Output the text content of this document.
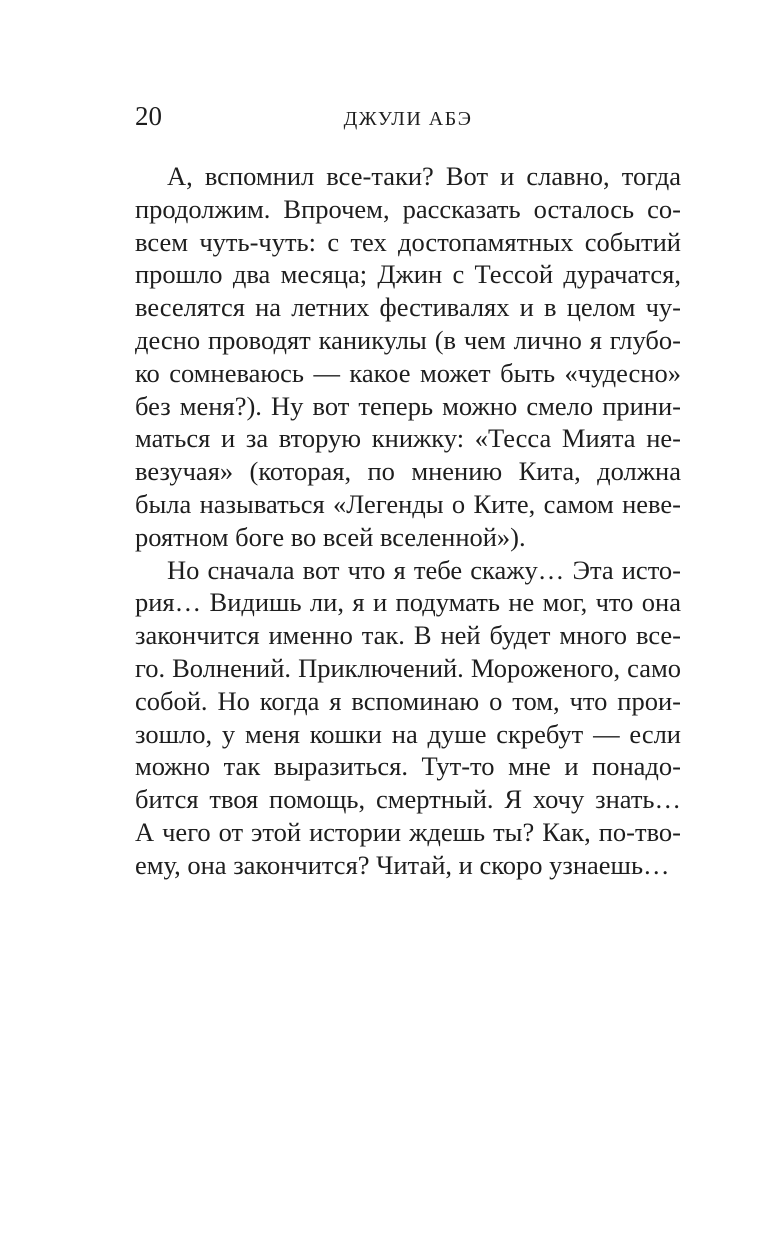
20	ДЖУЛИ АБЭ
А, вспомнил все-таки? Вот и славно, тогда
продолжим. Впрочем, рассказать осталось со-
всем чуть-чуть: с тех достопамятных событий
прошло два месяца; Джин с Тессой дурачатся,
веселятся на летних фестивалях и в целом чу-
десно проводят каникулы (в чем лично я глубо-
ко сомневаюсь — какое может быть «чудесно»
без меня?). Ну вот теперь можно смело прини-
маться и за вторую книжку: «Тесса Мията не-
везучая» (которая, по мнению Кита, должна
была называться «Легенды о Ките, самом неве-
роятном боге во всей вселенной»).
Но сначала вот что я тебе скажу… Эта исто-
рия… Видишь ли, я и подумать не мог, что она
закончится именно так. В ней будет много все-
го. Волнений. Приключений. Мороженого, само
собой. Но когда я вспоминаю о том, что прои-
зошло, у меня кошки на душе скребут — если
можно так выразиться. Тут-то мне и понадо-
бится твоя помощь, смертный. Я хочу знать…
А чего от этой истории ждешь ты? Как, по-тво-
ему, она закончится? Читай, и скоро узнаешь…
